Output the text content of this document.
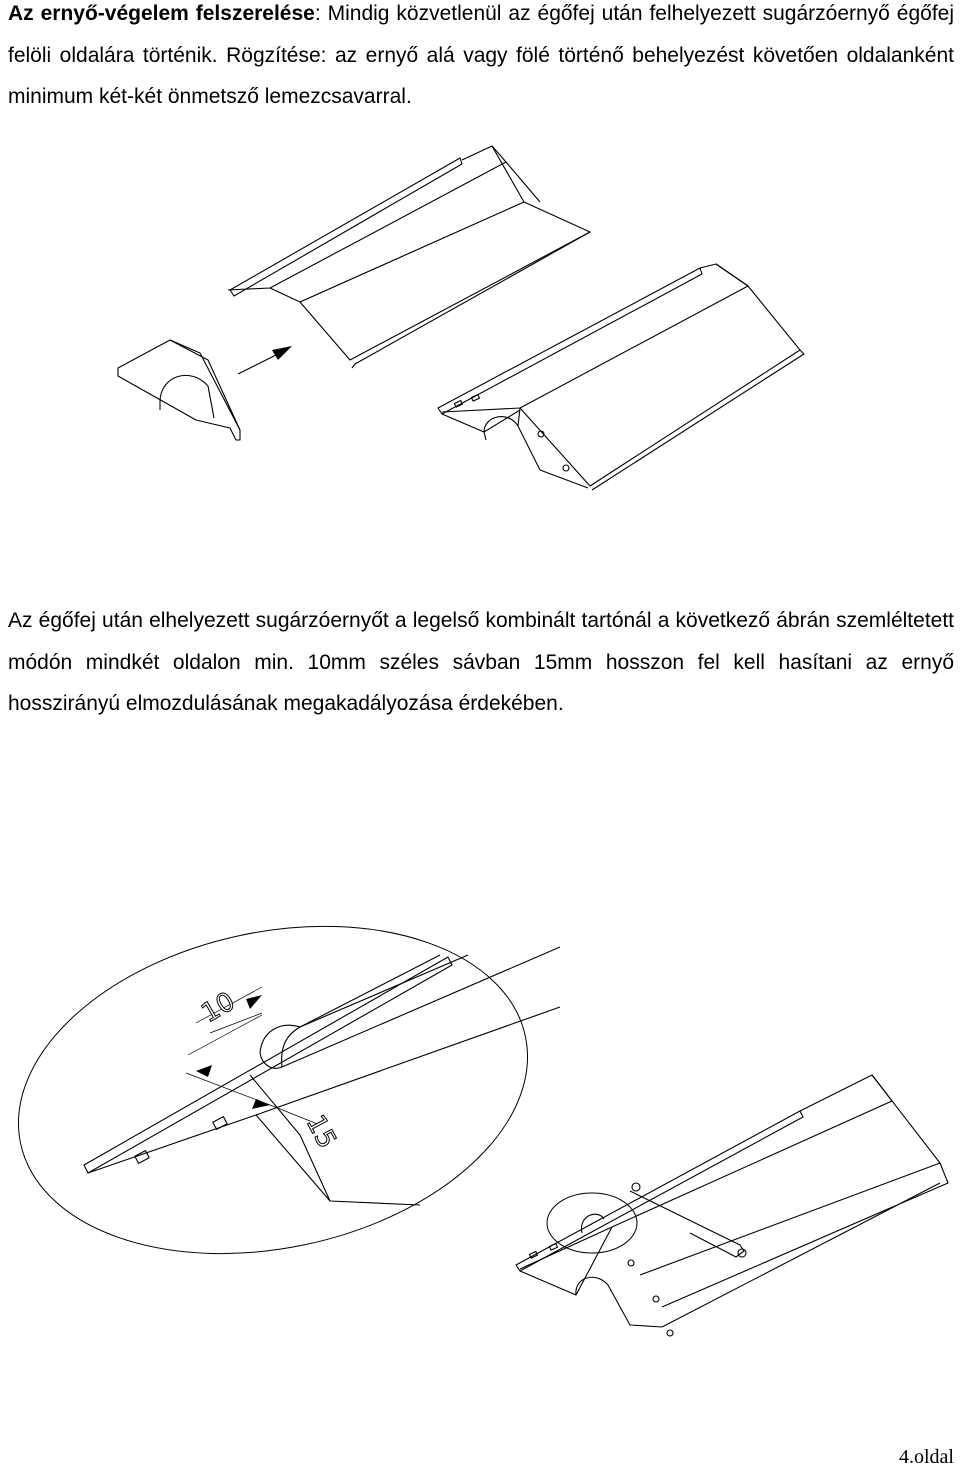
Az ernyő-végelem felszerelése: Mindig közvetlenül az égőfej után felhelyezett sugárzóernyő égőfej felöli oldalára történik. Rögzítése: az ernyő alá vagy fölé történő behelyezést követően oldalanként minimum két-két önmetsző lemezcsavarral.

Az égőfej után elhelyezett sugárzóernyőt a legelső kombinált tartónál a következő ábrán szemléltetett módón mindkét oldalon min. 10mm széles sávban 15mm hosszon fel kell hasítani az ernyő hosszirányú elmozdulásának megakadályozása érdekében.

10
15

4.oldal
